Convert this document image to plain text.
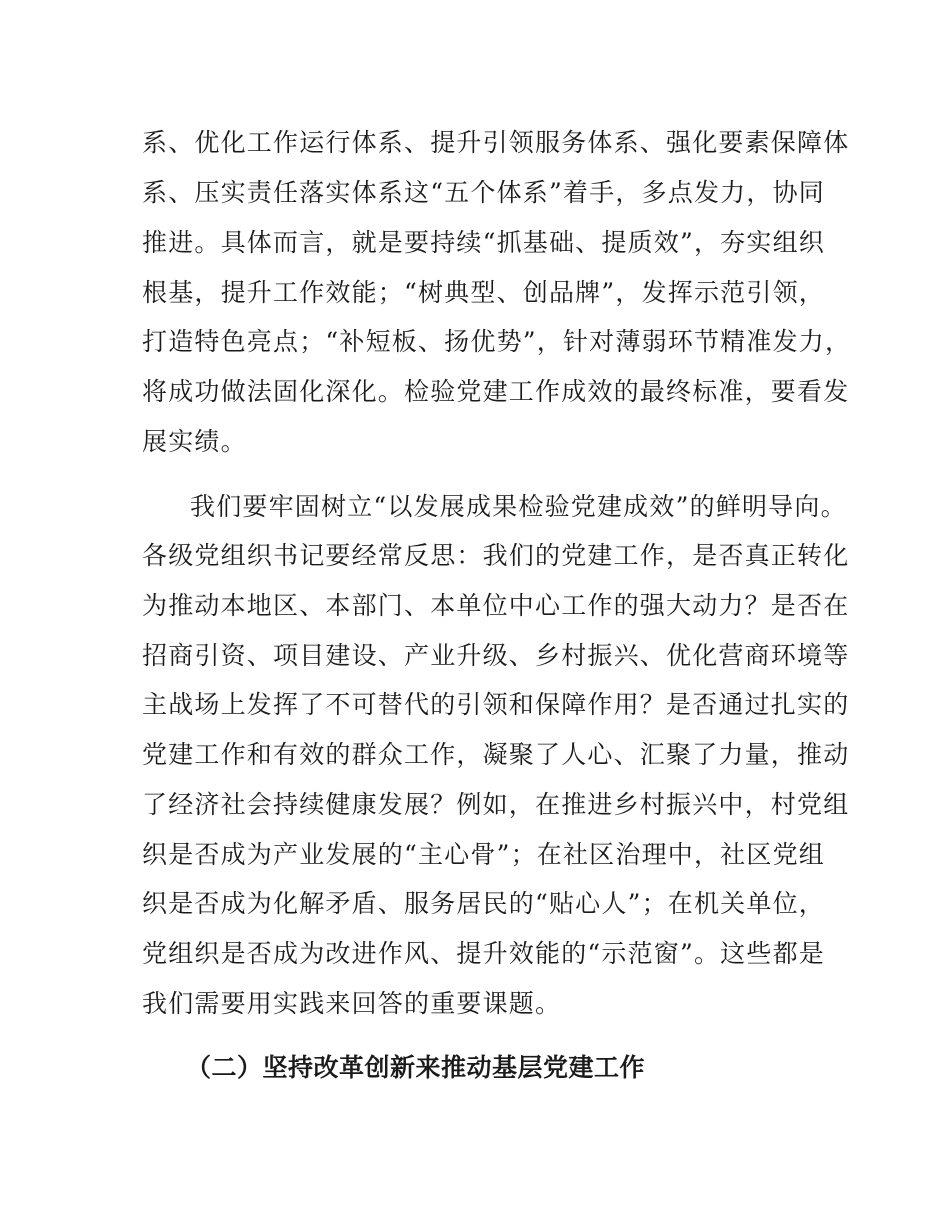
系、优化工作运行体系、提升引领服务体系、强化要素保障体
系、压实责任落实体系这“五个体系”着手，多点发力，协同
推进。具体而言，就是要持续“抓基础、提质效”，夯实组织
根基，提升工作效能；“树典型、创品牌”，发挥示范引领，
打造特色亮点；“补短板、扬优势”，针对薄弱环节精准发力，
将成功做法固化深化。检验党建工作成效的最终标准，要看发
展实绩。
我们要牢固树立“以发展成果检验党建成效”的鲜明导向。
各级党组织书记要经常反思：我们的党建工作，是否真正转化
为推动本地区、本部门、本单位中心工作的强大动力？是否在
招商引资、项目建设、产业升级、乡村振兴、优化营商环境等
主战场上发挥了不可替代的引领和保障作用？是否通过扎实的
党建工作和有效的群众工作，凝聚了人心、汇聚了力量，推动
了经济社会持续健康发展？例如，在推进乡村振兴中，村党组
织是否成为产业发展的“主心骨”；在社区治理中，社区党组
织是否成为化解矛盾、服务居民的“贴心人”；在机关单位，
党组织是否成为改进作风、提升效能的“示范窗”。这些都是
我们需要用实践来回答的重要课题。
（二）坚持改革创新来推动基层党建工作
